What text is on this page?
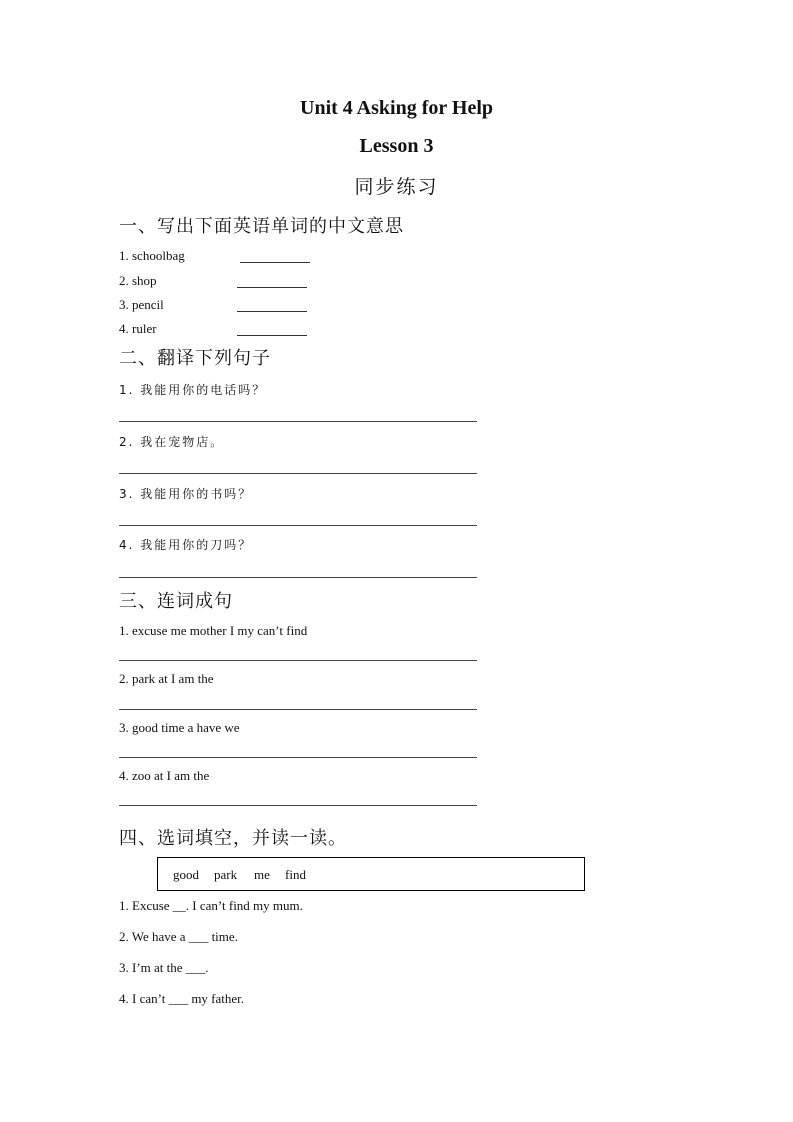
Unit 4 Asking for Help
Lesson 3
同步练习
一、写出下面英语单词的中文意思
1. schoolbag
2. shop
3. pencil
4. ruler
二、翻译下列句子
1. 我能用你的电话吗？
2. 我在宠物店。
3. 我能用你的书吗？
4. 我能用你的刀吗？
三、连词成句
1. excuse me mother I my can’t find
2. park at I am the
3. good time a have we
4. zoo at I am the
四、选词填空，并读一读。
good park me find
1. Excuse __. I can’t find my mum.
2. We have a ___ time.
3. I’m at the ___.
4. I can’t ___ my father.
